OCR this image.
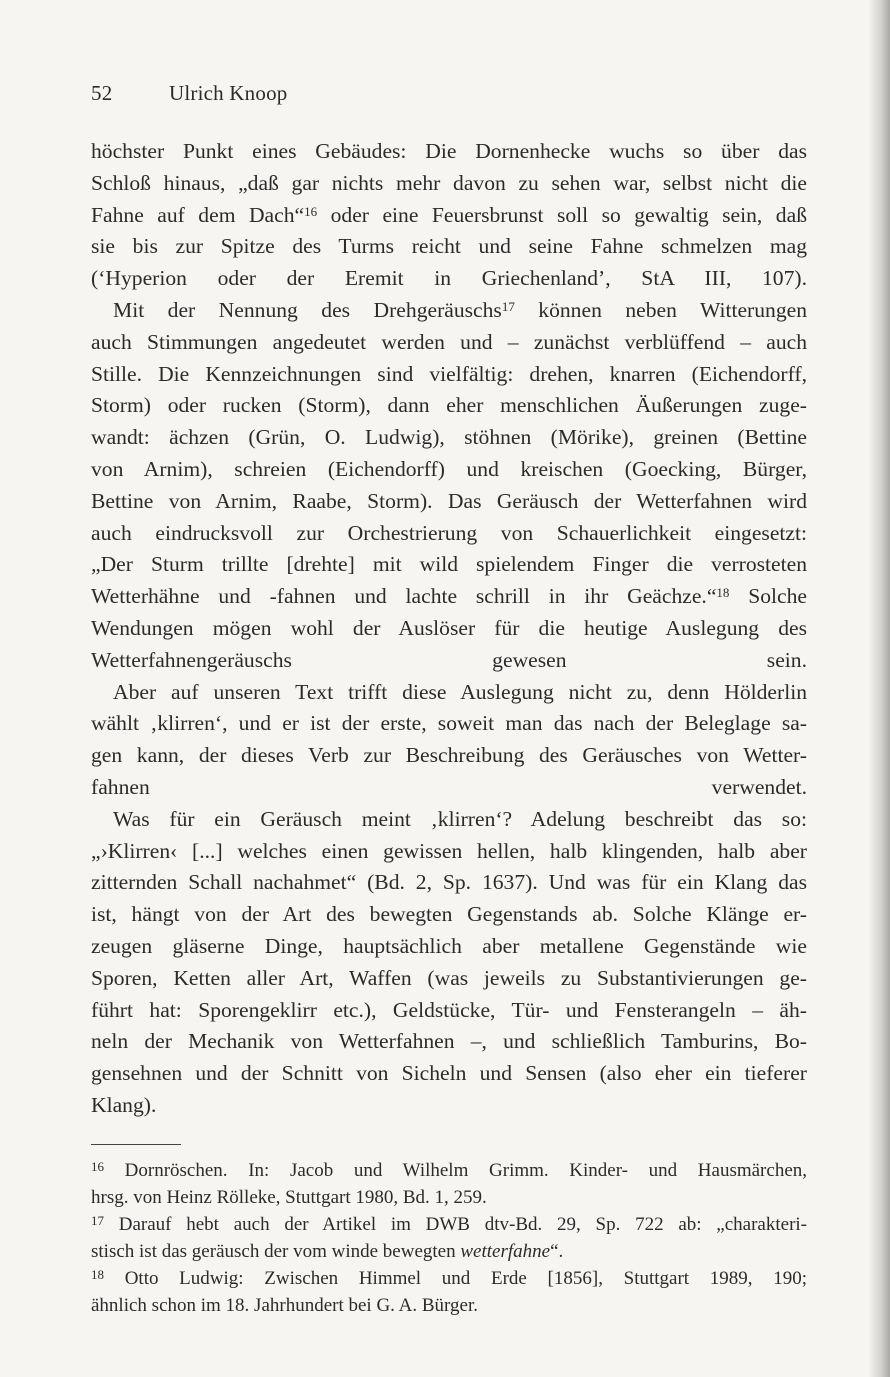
52	Ulrich Knoop

höchster Punkt eines Gebäudes: Die Dornenhecke wuchs so über das
Schloß hinaus, „daß gar nichts mehr davon zu sehen war, selbst nicht die
Fahne auf dem Dach“$^{16}$ oder eine Feuersbrunst soll so gewaltig sein, daß
sie bis zur Spitze des Turms reicht und seine Fahne schmelzen mag
(‘Hyperion oder der Eremit in Griechenland’, StA III, 107).

Mit der Nennung des Drehgeräuschs$^{17}$ können neben Witterungen
auch Stimmungen angedeutet werden und – zunächst verblüffend – auch
Stille. Die Kennzeichnungen sind vielfältig: drehen, knarren (Eichendorff,
Storm) oder rucken (Storm), dann eher menschlichen Äußerungen zuge-
wandt: ächzen (Grün, O. Ludwig), stöhnen (Mörike), greinen (Bettine
von Arnim), schreien (Eichendorff) und kreischen (Goecking, Bürger,
Bettine von Arnim, Raabe, Storm). Das Geräusch der Wetterfahnen wird
auch eindrucksvoll zur Orchestrierung von Schauerlichkeit eingesetzt:
„Der Sturm trillte [drehte] mit wild spielendem Finger die verrosteten
Wetterhähne und -fahnen und lachte schrill in ihr Geächze.“$^{18}$ Solche
Wendungen mögen wohl der Auslöser für die heutige Auslegung des
Wetterfahnengeräuschs gewesen sein.

Aber auf unseren Text trifft diese Auslegung nicht zu, denn Hölderlin
wählt ‚klirren‘, und er ist der erste, soweit man das nach der Beleglage sa-
gen kann, der dieses Verb zur Beschreibung des Geräusches von Wetter-
fahnen verwendet.

Was für ein Geräusch meint ‚klirren‘? Adelung beschreibt das so:
„›Klirren‹ [...] welches einen gewissen hellen, halb klingenden, halb aber
zitternden Schall nachahmet“ (Bd. 2, Sp. 1637). Und was für ein Klang das
ist, hängt von der Art des bewegten Gegenstands ab. Solche Klänge er-
zeugen gläserne Dinge, hauptsächlich aber metallene Gegenstände wie
Sporen, Ketten aller Art, Waffen (was jeweils zu Substantivierungen ge-
führt hat: Sporengeklirr etc.), Geldstücke, Tür- und Fensterangeln – äh-
neln der Mechanik von Wetterfahnen –, und schließlich Tamburins, Bo-
gensehnen und der Schnitt von Sicheln und Sensen (also eher ein tieferer
Klang).

$^{16}$ Dornröschen. In: Jacob und Wilhelm Grimm. Kinder- und Hausmärchen,
hrsg. von Heinz Rölleke, Stuttgart 1980, Bd. 1, 259.

$^{17}$ Darauf hebt auch der Artikel im DWB dtv-Bd. 29, Sp. 722 ab: „charakteri-
stisch ist das geräusch der vom winde bewegten wetterfahne“.

$^{18}$ Otto Ludwig: Zwischen Himmel und Erde [1856], Stuttgart 1989, 190;
ähnlich schon im 18. Jahrhundert bei G. A. Bürger.
